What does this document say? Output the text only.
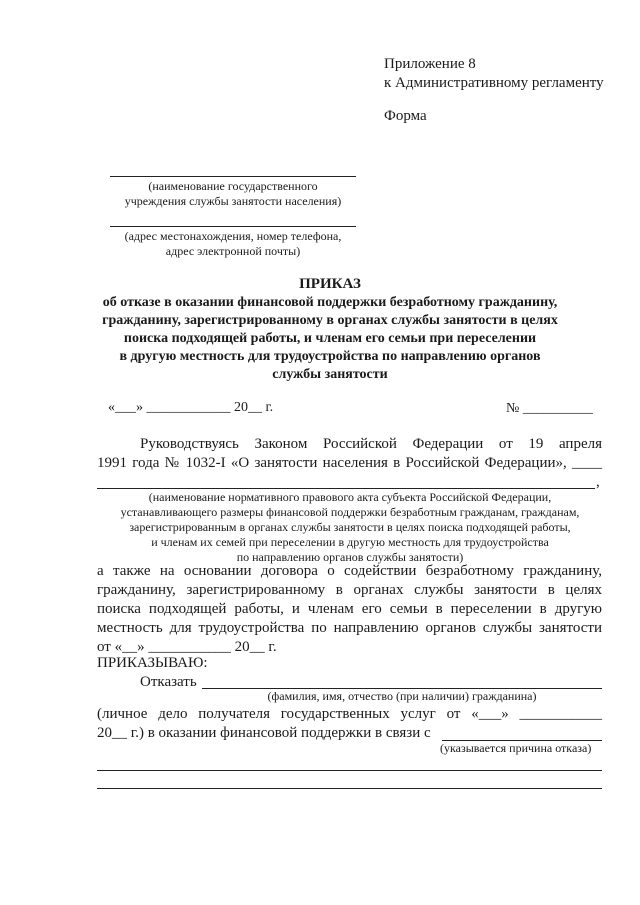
Приложение 8
к Административному регламенту
Форма
(наименование государственного
учреждения службы занятости населения)
(адрес местонахождения, номер телефона,
адрес электронной почты)
ПРИКАЗ
об отказе в оказании финансовой поддержки безработному гражданину,
гражданину, зарегистрированному в органах службы занятости в целях
поиска подходящей работы, и членам его семьи при переселении
в другую местность для трудоустройства по направлению органов
службы занятости
«___» ____________ 20__ г.	№ __________
Руководствуясь Законом Российской Федерации от 19 апреля
1991 года № 1032-I «О занятости населения в Российской Федерации», ____
,
(наименование нормативного правового акта субъекта Российской Федерации,
устанавливающего размеры финансовой поддержки безработным гражданам, гражданам,
зарегистрированным в органах службы занятости в целях поиска подходящей работы,
и членам их семей при переселении в другую местность для трудоустройства
по направлению органов службы занятости)
а также на основании договора о содействии безработному гражданину,
гражданину, зарегистрированному в органах службы занятости в целях
поиска подходящей работы, и членам его семьи в переселении в другую
местность для трудоустройства по направлению органов службы занятости
от «__» ___________ 20__ г.
ПРИКАЗЫВАЮ:
Отказать
(фамилия, имя, отчество (при наличии) гражданина)
(личное дело получателя государственных услуг от «___» ___________
20__ г.) в оказании финансовой поддержки в связи с
(указывается причина отказа)
